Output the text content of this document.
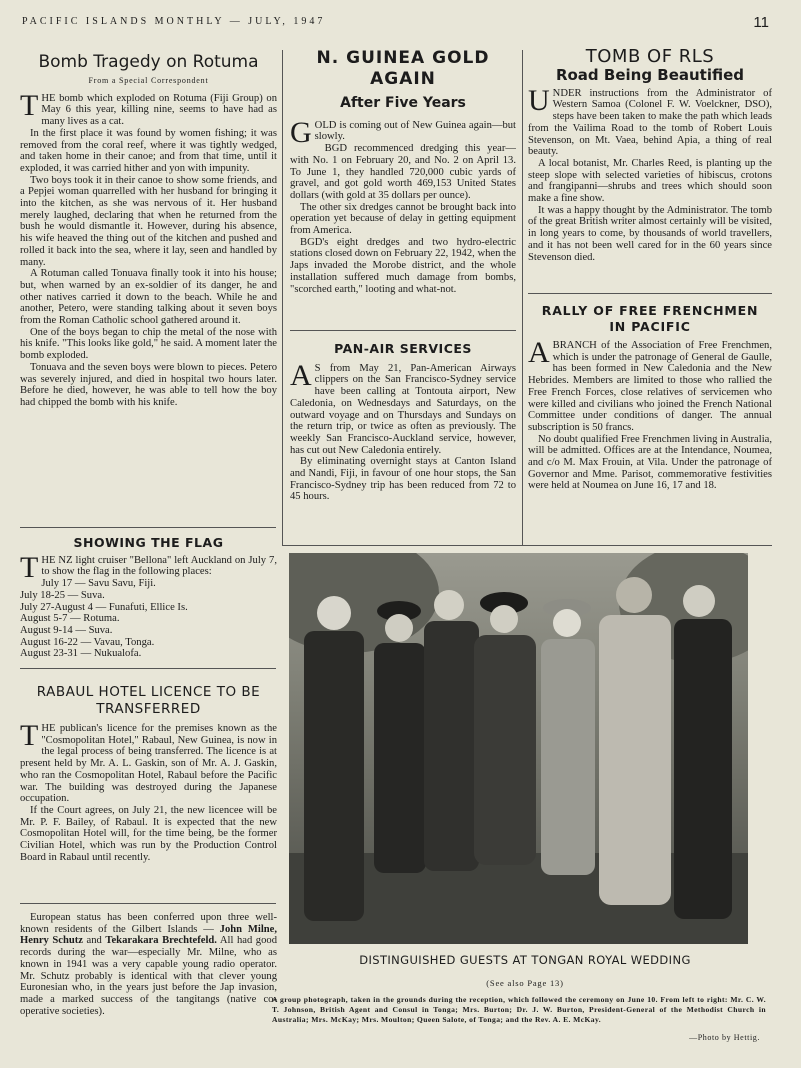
PACIFIC ISLANDS MONTHLY — JULY, 1947	11
Bomb Tragedy on Rotuma
From a Special Correspondent

THE bomb which exploded on Rotuma (Fiji Group) on May 6 this year, killing nine, seems to have had as many lives as a cat.

In the first place it was found by women fishing; it was removed from the coral reef, where it was tightly wedged, and taken home in their canoe; and from that time, until it exploded, it was carried hither and yon with impunity.

Two boys took it in their canoe to show some friends, and a Pepjei woman quarrelled with her husband for bringing it into the kitchen, as she was nervous of it. Her husband merely laughed, declaring that when he returned from the bush he would dismantle it. However, during his absence, his wife heaved the thing out of the kitchen and pushed and rolled it back into the sea, where it lay, seen and handled by many.

A Rotuman called Tonuava finally took it into his house; but, when warned by an ex-soldier of its danger, he and other natives carried it down to the beach. While he and another, Petero, were standing talking about it seven boys from the Roman Catholic school gathered around it.

One of the boys began to chip the metal of the nose with his knife. "This looks like gold," he said. A moment later the bomb exploded.

Tonuava and the seven boys were blown to pieces. Petero was severely injured, and died in hospital two hours later. Before he died, however, he was able to tell how the boy had chipped the bomb with his knife.

SHOWING THE FLAG

THE NZ light cruiser "Bellona" left Auckland on July 7, to show the flag in the following places:

July 17 — Savu Savu, Fiji.
July 18-25 — Suva.
July 27-August 4 — Funafuti, Ellice Is.
August 5-7 — Rotuma.
August 9-14 — Suva.
August 16-22 — Vavau, Tonga.
August 23-31 — Nukualofa.
RABAUL HOTEL LICENCE TO BE TRANSFERRED

THE publican's licence for the premises known as the "Cosmopolitan Hotel," Rabaul, New Guinea, is now in the legal process of being transferred. The licence is at present held by Mr. A. L. Gaskin, son of Mr. A. J. Gaskin, who ran the Cosmopolitan Hotel, Rabaul before the Pacific war. The building was destroyed during the Japanese occupation.

If the Court agrees, on July 21, the new licencee will be Mr. P. F. Bailey, of Rabaul. It is expected that the new Cosmopolitan Hotel will, for the time being, be the former Civilian Hotel, which was run by the Production Control Board in Rabaul until recently.

European status has been conferred upon three well-known residents of the Gilbert Islands — John Milne, Henry Schutz and Tekarakara Brechtefeld. All had good records during the war—especially Mr. Milne, who as known in 1941 was a very capable young radio operator. Mr. Schutz probably is identical with that clever young Euronesian who, in the years just before the Jap invasion, made a marked success of the tangitangs (native co-operative societies).

N. GUINEA GOLD AGAIN
After Five Years

GOLD is coming out of New Guinea again—but slowly.

BGD recommenced dredging this year—with No. 1 on February 20, and No. 2 on April 13. To June 1, they handled 720,000 cubic yards of gravel, and got gold worth 469,153 United States dollars (with gold at 35 dollars per ounce).

The other six dredges cannot be brought back into operation yet because of delay in getting equipment from America.

BGD's eight dredges and two hydro-electric stations closed down on February 22, 1942, when the Japs invaded the Morobe district, and the whole installation suffered much damage from bombs, "scorched earth," looting and what-not.

PAN-AIR SERVICES

A S from May 21, Pan-American Airways clippers on the San Francisco-Sydney service have been calling at Tontouta airport, New Caledonia, on Wednesdays and Saturdays, on the outward voyage and on Thursdays and Sundays on the return trip, or twice as often as previously. The weekly San Francisco-Auckland service, however, has cut out New Caledonia entirely.

By eliminating overnight stays at Canton Island and Nandi, Fiji, in favour of one hour stops, the San Francisco-Sydney trip has been reduced from 72 to 45 hours.

TOMB OF RLS
Road Being Beautified

UNDER instructions from the Administrator of Western Samoa (Colonel F. W. Voelckner, DSO), steps have been taken to make the path which leads from the Vailima Road to the tomb of Robert Louis Stevenson, on Mt. Vaea, behind Apia, a thing of real beauty.

A local botanist, Mr. Charles Reed, is planting up the steep slope with selected varieties of hibiscus, crotons and frangipanni—shrubs and trees which should soon make a fine show.

It was a happy thought by the Administrator. The tomb of the great British writer almost certainly will be visited, in long years to come, by thousands of world travellers, and it has not been well cared for in the 60 years since Stevenson died.

RALLY OF FREE FRENCHMEN IN PACIFIC

ABRANCH of the Association of Free Frenchmen, which is under the patronage of General de Gaulle, has been formed in New Caledonia and the New Hebrides. Members are limited to those who rallied the Free French Forces, close relatives of servicemen who were killed and civilians who joined the French National Committee under conditions of danger. The annual subscription is 50 francs.

No doubt qualified Free Frenchmen living in Australia, will be admitted. Offices are at the Intendance, Noumea, and c/o M. Max Frouin, at Vila. Under the patronage of Governor and Mme. Parisot, commemorative festivities were held at Noumea on June 16, 17 and 18.

DISTINGUISHED GUESTS AT TONGAN ROYAL WEDDING
(See also Page 13)
A group photograph, taken in the grounds during the reception, which followed the ceremony on June 10. From left to right: Mr. C. W. T. Johnson, British Agent and Consul in Tonga; Mrs. Burton; Dr. J. W. Burton, President-General of the Methodist Church in Australia; Mrs. McKay; Mrs. Moulton; Queen Salote, of Tonga; and the Rev. A. E. McKay.
—Photo by Hettig.
